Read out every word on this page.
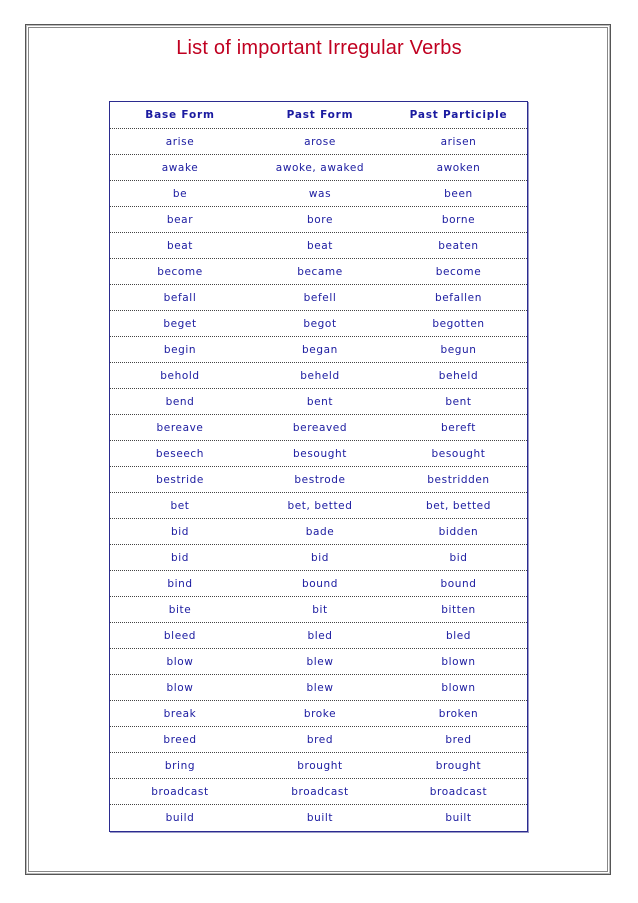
List of important Irregular Verbs
Base Form	Past Form	Past Participle
arise	arose	arisen
awake	awoke, awaked	awoken
be	was	been
bear	bore	borne
beat	beat	beaten
become	became	become
befall	befell	befallen
beget	begot	begotten
begin	began	begun
behold	beheld	beheld
bend	bent	bent
bereave	bereaved	bereft
beseech	besought	besought
bestride	bestrode	bestridden
bet	bet, betted	bet, betted
bid	bade	bidden
bid	bid	bid
bind	bound	bound
bite	bit	bitten
bleed	bled	bled
blow	blew	blown
blow	blew	blown
break	broke	broken
breed	bred	bred
bring	brought	brought
broadcast	broadcast	broadcast
build	built	built
